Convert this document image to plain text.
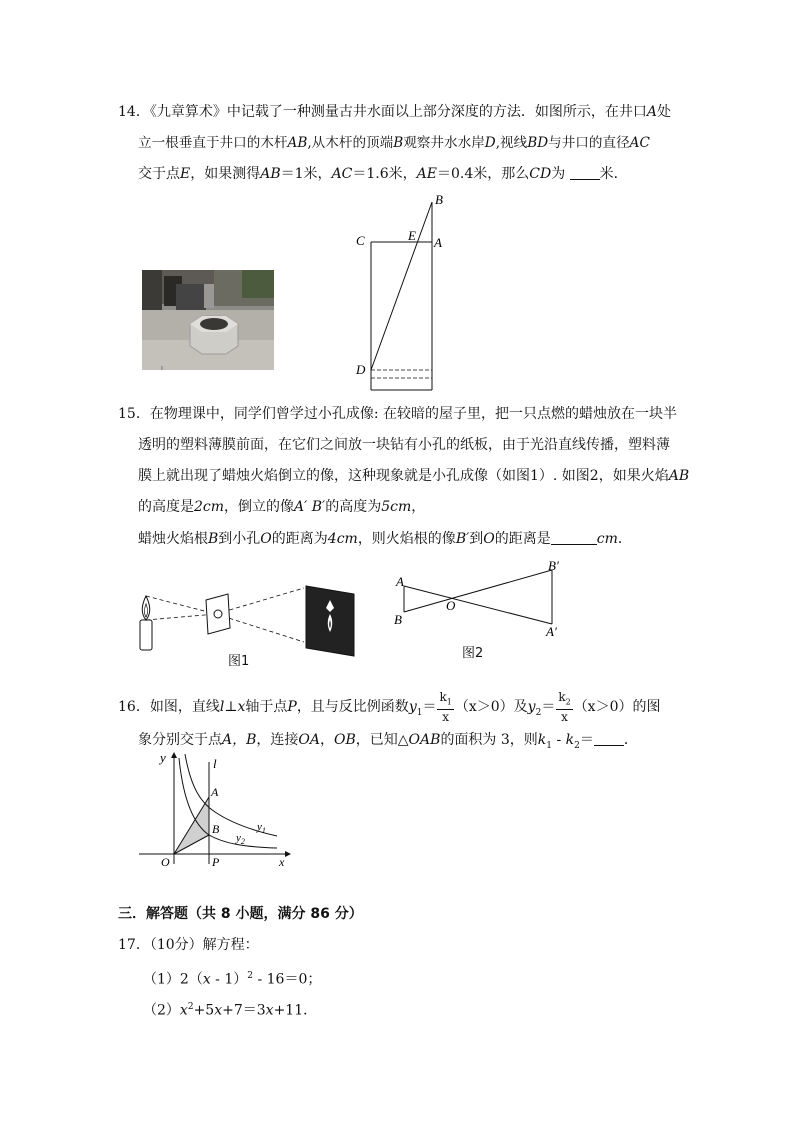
14．《九章算术》中记载了一种测量古井水面以上部分深度的方法．如图所示，在井口A处
立一根垂直于井口的木杆AB,从木杆的顶端B观察井水水岸D,视线BD与井口的直径AC
交于点E，如果测得AB＝1米，AC＝1.6米，AE＝0.4米，那么CD为 米．
B
C	E A
D
15．在物理课中，同学们曾学过小孔成像: 在较暗的屋子里，把一只点燃的蜡烛放在一块半
透明的塑料薄膜前面，在它们之间放一块钻有小孔的纸板，由于光沿直线传播，塑料薄
膜上就出现了蜡烛火焰倒立的像，这种现象就是小孔成像（如图1）. 如图2，如果火焰AB
的高度是2cm，倒立的像A′ B′的高度为5cm，
蜡烛火焰根B到小孔O的距离为4cm，则火焰根的像B′到O的距离是	cm．
图1
A
B
O
B′
A′
图2
16．如图，直线l⊥x轴于点P，且与反比例函数$y_1= \frac{k_1}{x} (x>0)$及$y_2= \frac{k_2}{x} (x>0)$的图
象分别交于点A，B，连接OA，OB，已知△OAB的面积为 3，则$k_1 - k_2=$ ．
y	l
A
B	$y_1$
$y_2$
O	P	x
三．解答题（共 8 小题，满分 86 分）
17．（10分）解方程：
（1）2（x - 1）$^2$ - 16＝0；
$(2)x^2+5x+7=3x+11$．
